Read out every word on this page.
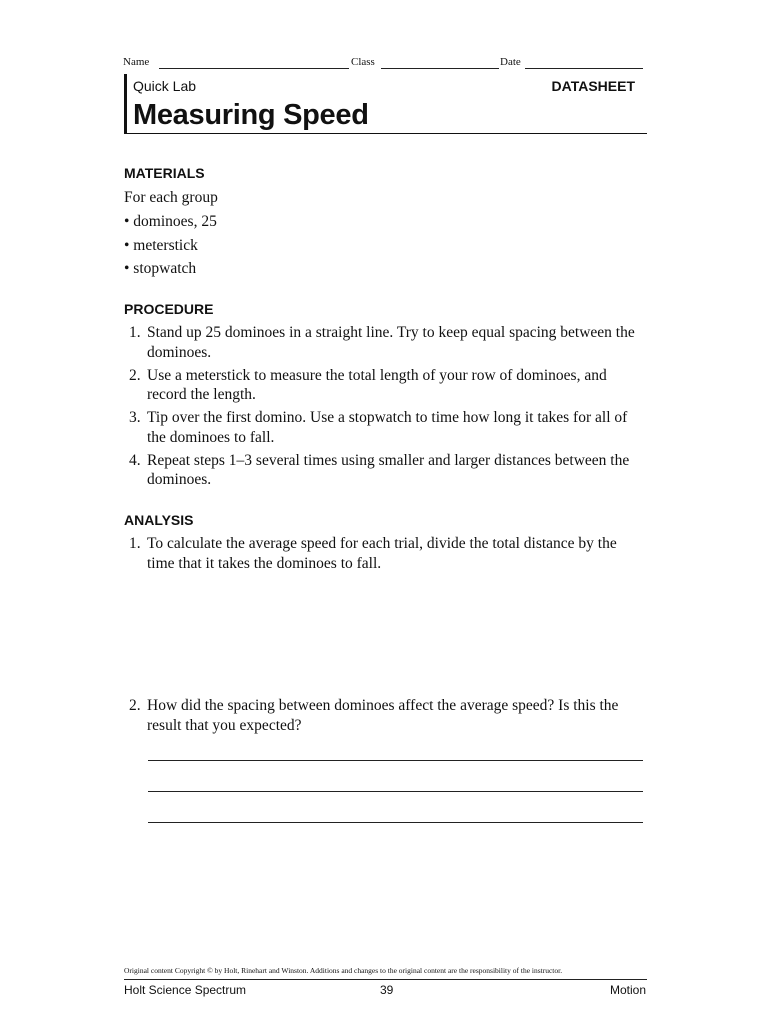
Name	Class	Date
Quick Lab	DATASHEET
Measuring Speed
MATERIALS
For each group
• dominoes, 25
• meterstick
• stopwatch
PROCEDURE
1. Stand up 25 dominoes in a straight line. Try to keep equal spacing between the dominoes.
2. Use a meterstick to measure the total length of your row of dominoes, and record the length.
3. Tip over the first domino. Use a stopwatch to time how long it takes for all of the dominoes to fall.
4. Repeat steps 1–3 several times using smaller and larger distances between the dominoes.
ANALYSIS
1. To calculate the average speed for each trial, divide the total distance by the time that it takes the dominoes to fall.
2. How did the spacing between dominoes affect the average speed? Is this the result that you expected?
Original content Copyright © by Holt, Rinehart and Winston. Additions and changes to the original content are the responsibility of the instructor.
Holt Science Spectrum	39	Motion
